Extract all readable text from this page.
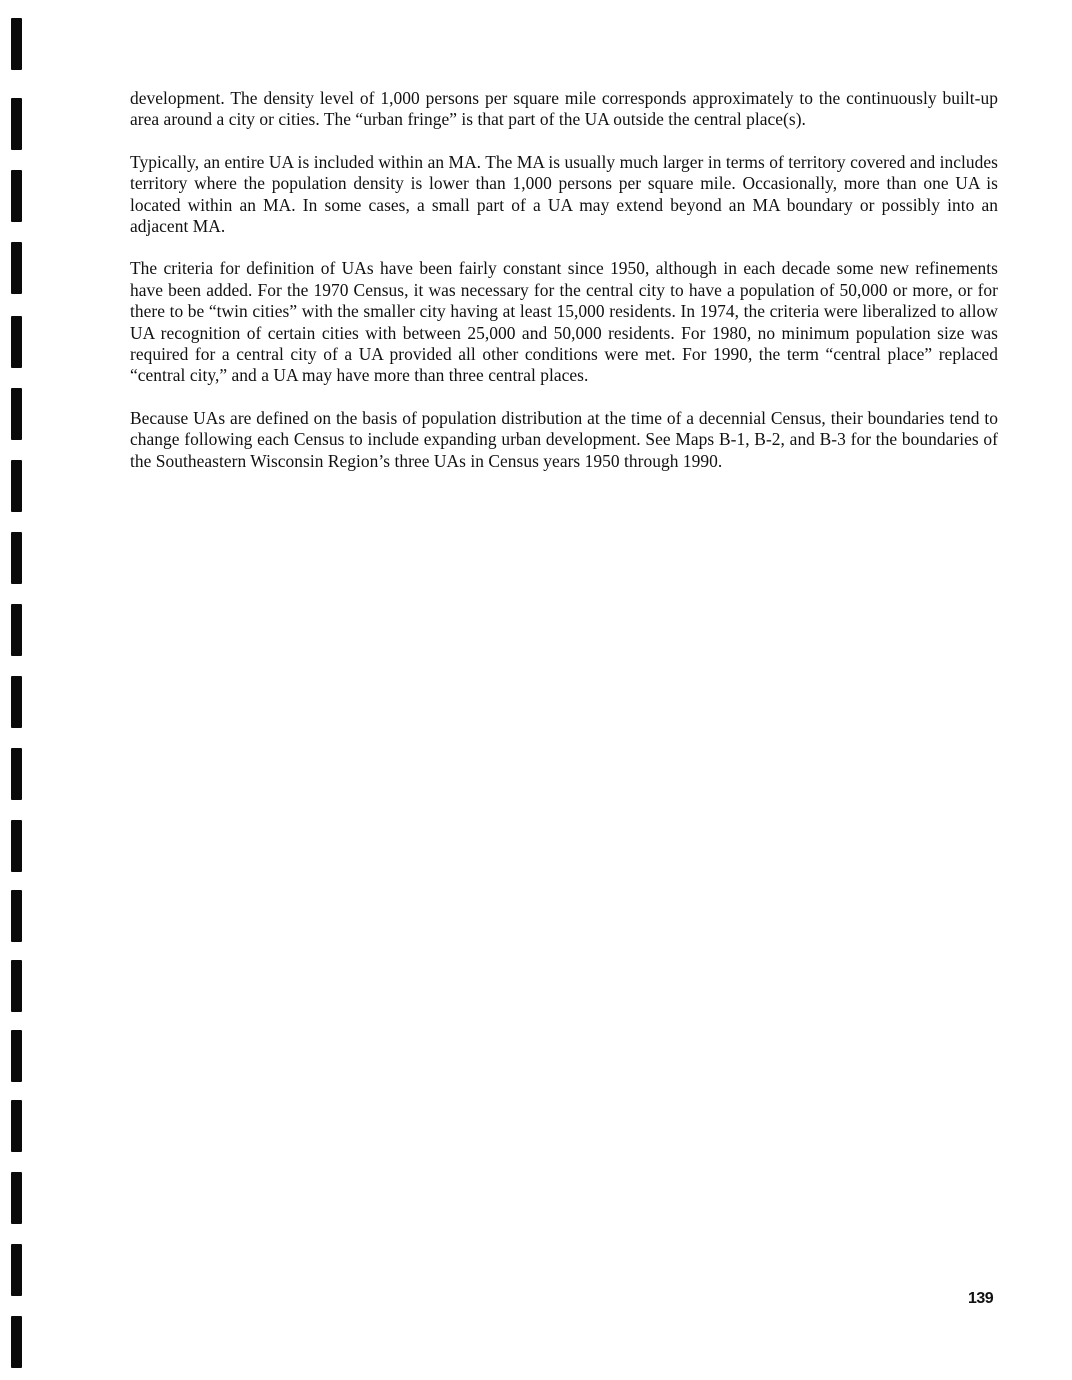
development. The density level of 1,000 persons per square mile corresponds approximately to the continuously built-up area around a city or cities. The “urban fringe” is that part of the UA outside the central place(s).

Typically, an entire UA is included within an MA. The MA is usually much larger in terms of territory covered and includes territory where the population density is lower than 1,000 persons per square mile. Occasionally, more than one UA is located within an MA. In some cases, a small part of a UA may extend beyond an MA boundary or possibly into an adjacent MA.

The criteria for definition of UAs have been fairly constant since 1950, although in each decade some new refinements have been added. For the 1970 Census, it was necessary for the central city to have a population of 50,000 or more, or for there to be “twin cities” with the smaller city having at least 15,000 residents. In 1974, the criteria were liberalized to allow UA recognition of certain cities with between 25,000 and 50,000 residents. For 1980, no minimum population size was required for a central city of a UA provided all other conditions were met. For 1990, the term “central place” replaced “central city,” and a UA may have more than three central places.

Because UAs are defined on the basis of population distribution at the time of a decennial Census, their boundaries tend to change following each Census to include expanding urban development. See Maps B-1, B-2, and B-3 for the boundaries of the Southeastern Wisconsin Region’s three UAs in Census years 1950 through 1990.

139
